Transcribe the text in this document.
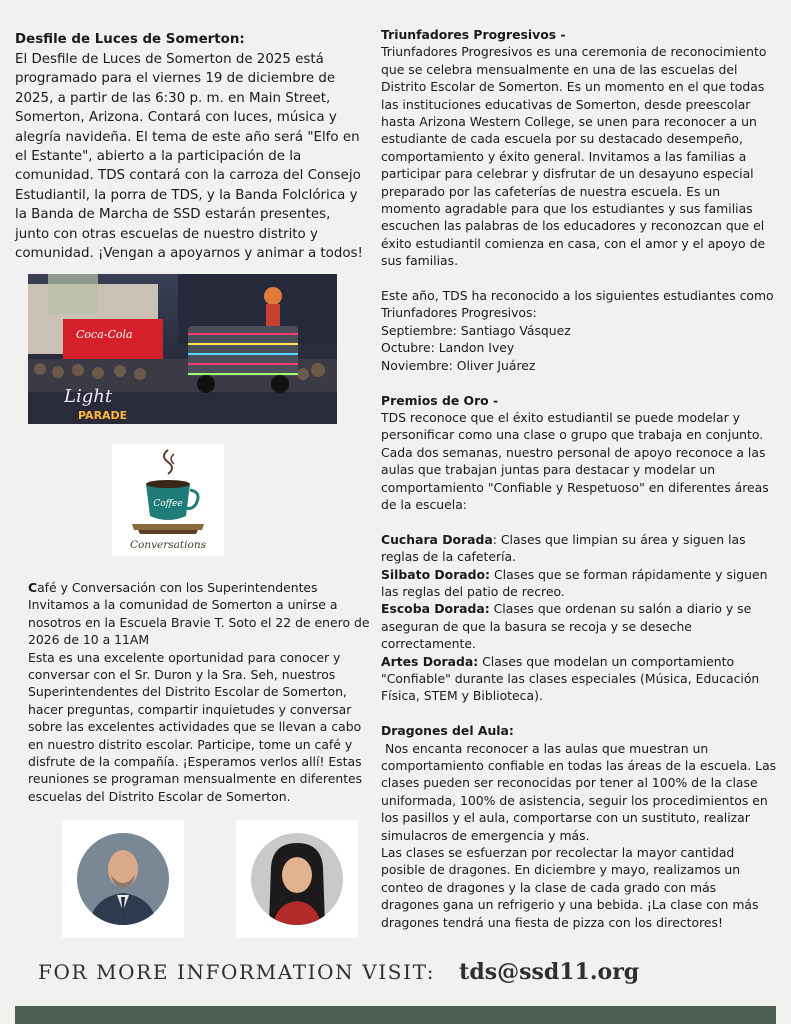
Desfile de Luces de Somerton:
El Desfile de Luces de Somerton de 2025 está programado para el viernes 19 de diciembre de 2025, a partir de las 6:30 p. m. en Main Street, Somerton, Arizona. Contará con luces, música y alegría navideña. El tema de este año será "Elfo en el Estante", abierto a la participación de la comunidad. TDS contará con la carroza del Consejo Estudiantil, la porra de TDS, y la Banda Folclórica y la Banda de Marcha de SSD estarán presentes, junto con otras escuelas de nuestro distrito y comunidad. ¡Vengan a apoyarnos y animar a todos!
Coca-Cola
Light
PARADE
Coffee
Conversations
Café y Conversación con los Superintendentes
Invitamos a la comunidad de Somerton a unirse a nosotros en la Escuela Bravie T. Soto el 22 de enero de 2026 de 10 a 11AM
Esta es una excelente oportunidad para conocer y conversar con el Sr. Duron y la Sra. Seh, nuestros Superintendentes del Distrito Escolar de Somerton, hacer preguntas, compartir inquietudes y conversar sobre las excelentes actividades que se llevan a cabo en nuestro distrito escolar. Participe, tome un café y disfrute de la compañía. ¡Esperamos verlos allí! Estas reuniones se programan mensualmente en diferentes escuelas del Distrito Escolar de Somerton.
Triunfadores Progresivos -
Triunfadores Progresivos es una ceremonia de reconocimiento que se celebra mensualmente en una de las escuelas del Distrito Escolar de Somerton. Es un momento en el que todas las instituciones educativas de Somerton, desde preescolar hasta Arizona Western College, se unen para reconocer a un estudiante de cada escuela por su destacado desempeño, comportamiento y éxito general. Invitamos a las familias a participar para celebrar y disfrutar de un desayuno especial preparado por las cafeterías de nuestra escuela. Es un momento agradable para que los estudiantes y sus familias escuchen las palabras de los educadores y reconozcan que el éxito estudiantil comienza en casa, con el amor y el apoyo de sus familias.
Este año, TDS ha reconocido a los siguientes estudiantes como Triunfadores Progresivos:
Septiembre: Santiago Vásquez
Octubre: Landon Ivey
Noviembre: Oliver Juárez
Premios de Oro -
TDS reconoce que el éxito estudiantil se puede modelar y personificar como una clase o grupo que trabaja en conjunto. Cada dos semanas, nuestro personal de apoyo reconoce a las aulas que trabajan juntas para destacar y modelar un comportamiento "Confiable y Respetuoso" en diferentes áreas de la escuela:
Cuchara Dorada: Clases que limpian su área y siguen las reglas de la cafetería.
Silbato Dorado: Clases que se forman rápidamente y siguen las reglas del patio de recreo.
Escoba Dorada: Clases que ordenan su salón a diario y se aseguran de que la basura se recoja y se deseche correctamente.
Artes Dorada: Clases que modelan un comportamiento "Confiable" durante las clases especiales (Música, Educación Física, STEM y Biblioteca).
Dragones del Aula:
Nos encanta reconocer a las aulas que muestran un comportamiento confiable en todas las áreas de la escuela. Las clases pueden ser reconocidas por tener al 100% de la clase uniformada, 100% de asistencia, seguir los procedimientos en los pasillos y el aula, comportarse con un sustituto, realizar simulacros de emergencia y más.
Las clases se esfuerzan por recolectar la mayor cantidad posible de dragones. En diciembre y mayo, realizamos un conteo de dragones y la clase de cada grado con más dragones gana un refrigerio y una bebida. ¡La clase con más dragones tendrá una fiesta de pizza con los directores!
FOR MORE INFORMATION VISIT: tds@ssd11.org
